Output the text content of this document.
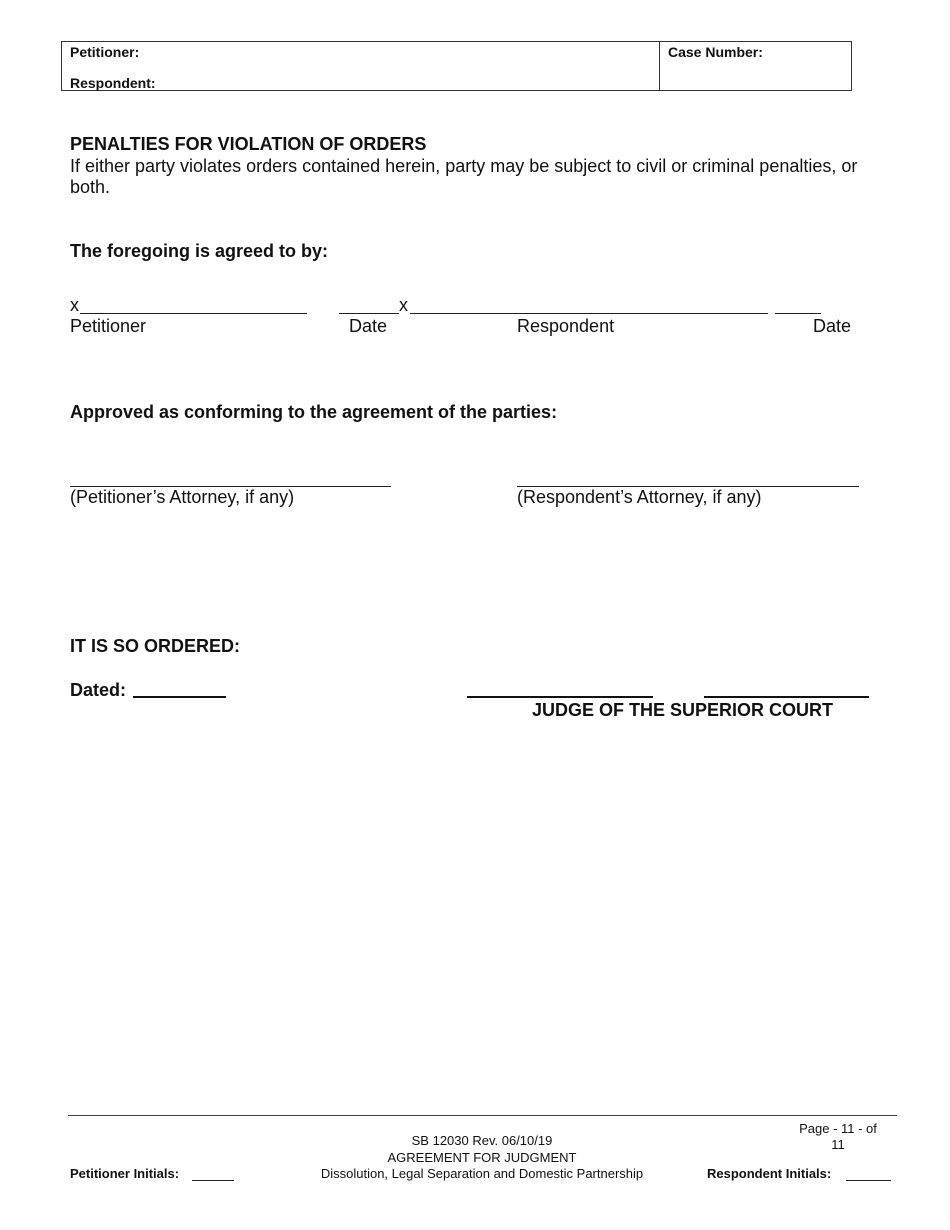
Petitioner:
Respondent:
Case Number:
PENALTIES FOR VIOLATION OF ORDERS
If either party violates orders contained herein, party may be subject to civil or criminal penalties, or both.
The foregoing is agreed to by:
x	x
Petitioner	Date	Respondent	Date
Approved as conforming to the agreement of the parties:
(Petitioner’s Attorney, if any)	(Respondent’s Attorney, if any)
IT IS SO ORDERED:
Dated:
JUDGE OF THE SUPERIOR COURT
Page - 11 - of
11
SB 12030 Rev. 06/10/19
AGREEMENT FOR JUDGMENT
Dissolution, Legal Separation and Domestic Partnership
Petitioner Initials:	Respondent Initials:
